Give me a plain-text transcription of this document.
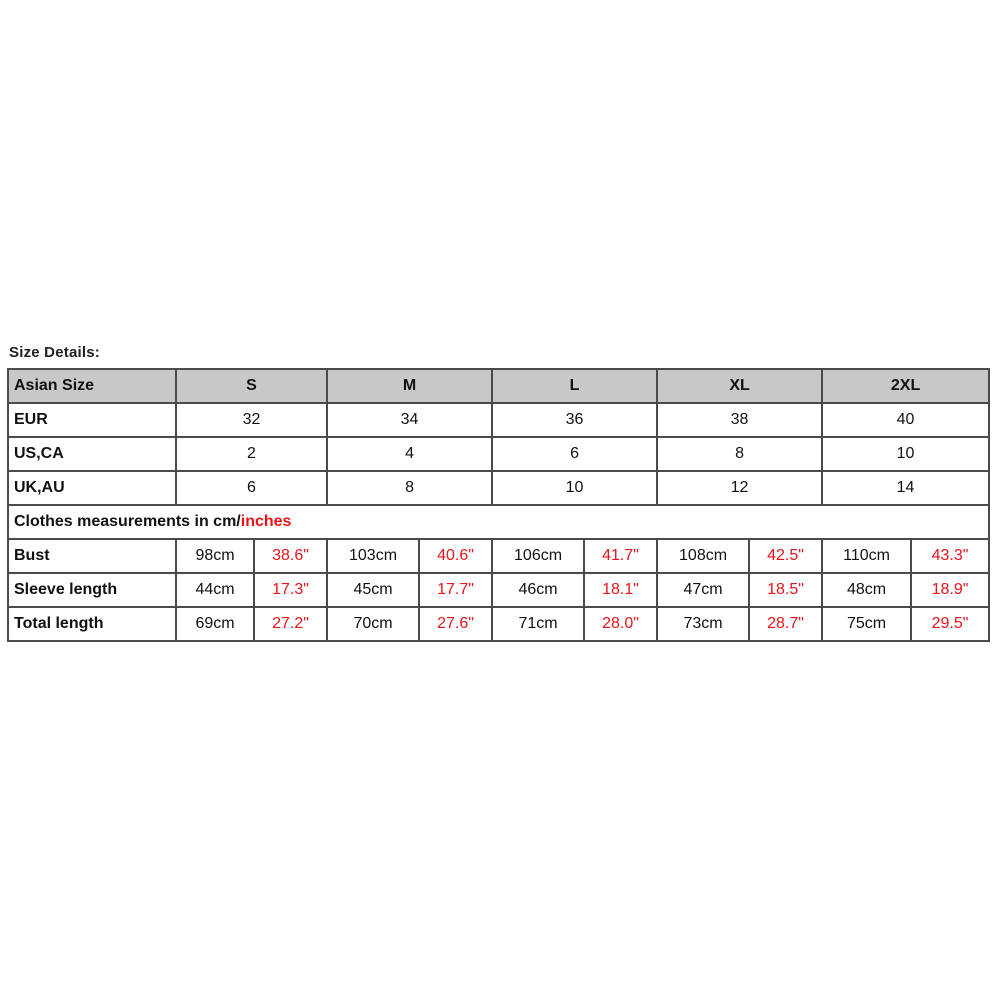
Size Details:
Asian Size	S		M		L		XL		2XL	
EUR	32		34		36		38		40	
US,CA	2		4		6		8		10	
UK,AU	6		8		10		12		14	
Clothes measurements in cm/inches										
Bust	98cm	38.6"	103cm	40.6"	106cm	41.7"	108cm	42.5"	110cm	43.3"
Sleeve length	44cm	17.3"	45cm	17.7"	46cm	18.1"	47cm	18.5"	48cm	18.9"
Total length	69cm	27.2"	70cm	27.6"	71cm	28.0"	73cm	28.7"	75cm	29.5"
